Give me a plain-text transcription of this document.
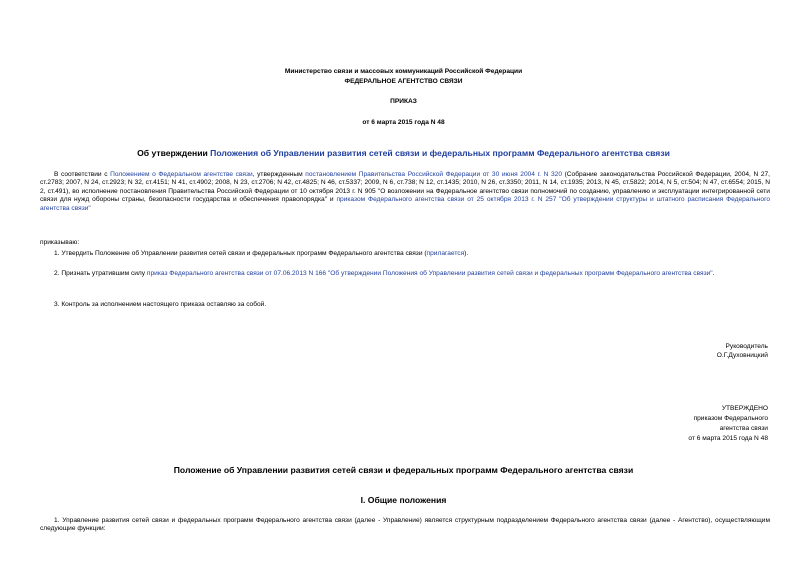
Министерство связи и массовых коммуникаций Российской Федерации
ФЕДЕРАЛЬНОЕ АГЕНТСТВО СВЯЗИ
ПРИКАЗ
от 6 марта 2015 года N 48
Об утверждении Положения об Управлении развития сетей связи и федеральных программ Федерального агентства связи
В соответствии с Положением о Федеральном агентстве связи, утвержденным постановлением Правительства Российской Федерации от 30 июня 2004 г. N 320 (Собрание законодательства Российской Федерации, 2004, N 27, ст.2783; 2007, N 24, ст.2923; N 32, ст.4151; N 41, ст.4902; 2008, N 23, ст.2706; N 42, ст.4825; N 46, ст.5337; 2009, N 6, ст.738; N 12, ст.1435; 2010, N 26, ст.3350; 2011, N 14, ст.1935; 2013, N 45, ст.5822; 2014, N 5, ст.504; N 47, ст.6554; 2015, N 2, ст.491), во исполнение постановления Правительства Российской Федерации от 10 октября 2013 г. N 905 "О возложении на Федеральное агентство связи полномочий по созданию, управлению и эксплуатации интегрированной сети связи для нужд обороны страны, безопасности государства и обеспечения правопорядка" и приказом Федерального агентства связи от 25 октября 2013 г. N 257 "Об утверждении структуры и штатного расписания Федерального агентства связи"
приказываю:
1. Утвердить Положение об Управлении развития сетей связи и федеральных программ Федерального агентства связи (прилагается).
2. Признать утратившим силу приказ Федерального агентства связи от 07.06.2013 N 166 "Об утверждении Положения об Управлении развития сетей связи и федеральных программ Федерального агентства связи".
3. Контроль за исполнением настоящего приказа оставляю за собой.
Руководитель
О.Г.Духовницкий
УТВЕРЖДЕНО
приказом Федерального
агентства связи
от 6 марта 2015 года N 48
Положение об Управлении развития сетей связи и федеральных программ Федерального агентства связи
I. Общие положения
1. Управление развития сетей связи и федеральных программ Федерального агентства связи (далее - Управление) является структурным подразделением Федерального агентства связи (далее - Агентство), осуществляющим следующие функции:
